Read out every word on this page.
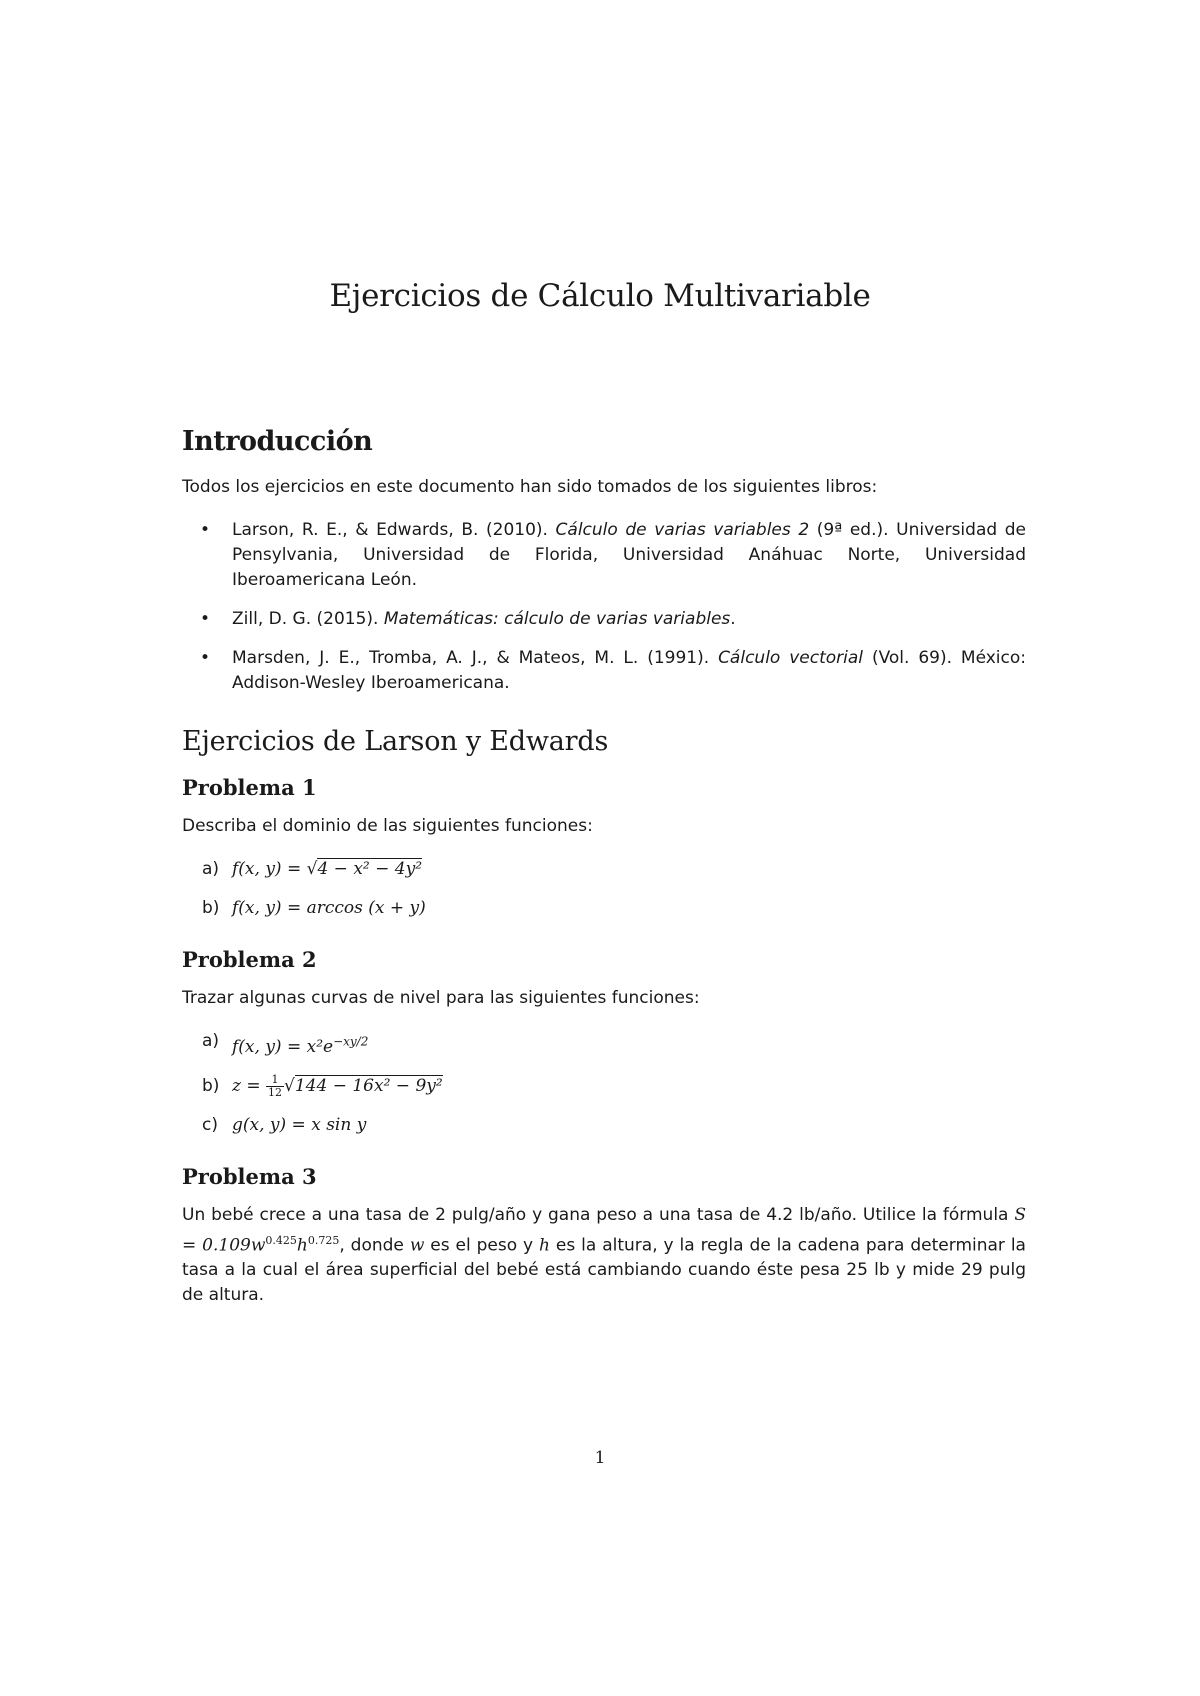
Ejercicios de Cálculo Multivariable
Introducción

Todos los ejercicios en este documento han sido tomados de los siguientes libros:

• Larson, R. E., & Edwards, B. (2010). Cálculo de varias variables 2 (9ª ed.). Universidad de Pensylvania, Universidad de Florida, Universidad Anáhuac Norte, Universidad Iberoamericana León.
• Zill, D. G. (2015). Matemáticas: cálculo de varias variables.
• Marsden, J. E., Tromba, A. J., & Mateos, M. L. (1991). Cálculo vectorial (Vol. 69). México: Addison-Wesley Iberoamericana.
Ejercicios de Larson y Edwards
Problema 1

Describa el dominio de las siguientes funciones:

a) f(x, y) = √4 − x² − 4y²
b) f(x, y) = arccos (x + y)
Problema 2

Trazar algunas curvas de nivel para las siguientes funciones:

a) f(x, $y) = x^2e^{-xy/2}$
b) $z = \frac{1}{12} √144 - 16x^2 - 9y^2$
c) g(x, y) = x sin y
Problema 3

Un bebé crece a una tasa de 2 pulg/año y gana peso a una tasa de 4.2 lb/año. Utilice la fórmula $S = 0.109w^{0.425}h^{0.725}$, donde w es el peso y h es la altura, y la regla de la cadena para determinar la tasa a la cual el área superficial del bebé está cambiando cuando éste pesa 25 lb y mide 29 pulg de altura.

1
